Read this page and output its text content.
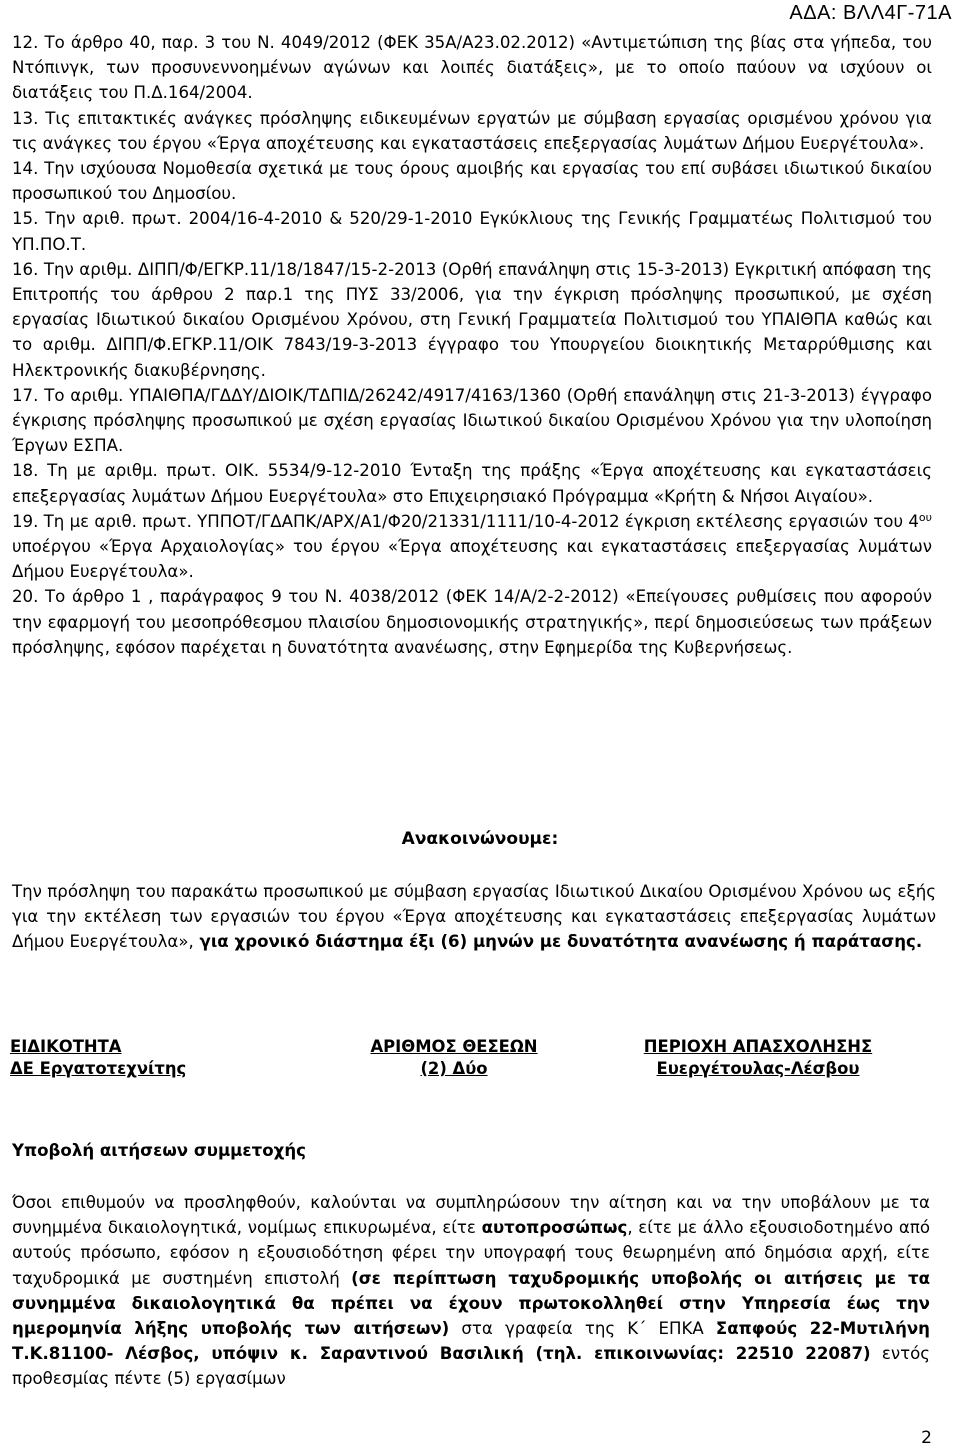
ΑΔΑ: ΒΛΛ4Γ-71Α

12. Το άρθρο 40, παρ. 3 του Ν. 4049/2012 (ΦΕΚ 35Α/Α23.02.2012) «Αντιμετώπιση της βίας στα γήπεδα, του Ντόπινγκ, των προσυνεννοημένων αγώνων και λοιπές διατάξεις», με το οποίο παύουν να ισχύουν οι διατάξεις του Π.Δ.164/2004.

13. Τις επιτακτικές ανάγκες πρόσληψης ειδικευμένων εργατών με σύμβαση εργασίας ορισμένου χρόνου για τις ανάγκες του έργου «Έργα αποχέτευσης και εγκαταστάσεις επεξεργασίας λυμάτων Δήμου Ευεργέτουλα».

14. Την ισχύουσα Νομοθεσία σχετικά με τους όρους αμοιβής και εργασίας του επί συβάσει ιδιωτικού δικαίου προσωπικού του Δημοσίου.

15. Την αριθ. πρωτ. 2004/16-4-2010 & 520/29-1-2010 Εγκύκλιους της Γενικής Γραμματέως Πολιτισμού του ΥΠ.ΠΟ.Τ.

16. Την αριθμ. ΔΙΠΠ/Φ/ΕΓΚΡ.11/18/1847/15-2-2013 (Ορθή επανάληψη στις 15-3-2013) Εγκριτική απόφαση της Επιτροπής του άρθρου 2 παρ.1 της ΠΥΣ 33/2006, για την έγκριση πρόσληψης προσωπικού, με σχέση εργασίας Ιδιωτικού δικαίου Ορισμένου Χρόνου, στη Γενική Γραμματεία Πολιτισμού του ΥΠΑΙΘΠΑ καθώς και το αριθμ. ΔΙΠΠ/Φ.ΕΓΚΡ.11/ΟΙΚ 7843/19-3-2013 έγγραφο του Υπουργείου διοικητικής Μεταρρύθμισης και Ηλεκτρονικής διακυβέρνησης.

17. Το αριθμ. ΥΠΑΙΘΠΑ/ΓΔΔΥ/ΔΙΟΙΚ/ΤΔΠΙΔ/26242/4917/4163/1360 (Ορθή επανάληψη στις 21-3-2013) έγγραφο έγκρισης πρόσληψης προσωπικού με σχέση εργασίας Ιδιωτικού δικαίου Ορισμένου Χρόνου για την υλοποίηση Έργων ΕΣΠΑ.

18. Τη με αριθμ. πρωτ. ΟΙΚ. 5534/9-12-2010 Ένταξη της πράξης «Έργα αποχέτευσης και εγκαταστάσεις επεξεργασίας λυμάτων Δήμου Ευεργέτουλα» στο Επιχειρησιακό Πρόγραμμα «Κρήτη & Νήσοι Αιγαίου».

19. Τη με αριθ. πρωτ. ΥΠΠΟΤ/ΓΔΑΠΚ/ΑΡΧ/Α1/Φ20/21331/1111/10-4-2012 έγκριση εκτέλεσης εργασιών του $4^{o\upsilon}$ υποέργου «Έργα Αρχαιολογίας» του έργου «Έργα αποχέτευσης και εγκαταστάσεις επεξεργασίας λυμάτων Δήμου Ευεργέτουλα».

20. Το άρθρο 1 , παράγραφος 9 του Ν. 4038/2012 (ΦΕΚ 14/Α/2-2-2012) «Επείγουσες ρυθμίσεις που αφορούν την εφαρμογή του μεσοπρόθεσμου πλαισίου δημοσιονομικής στρατηγικής», περί δημοσιεύσεως των πράξεων πρόσληψης, εφόσον παρέχεται η δυνατότητα ανανέωσης, στην Εφημερίδα της Κυβερνήσεως.

Ανακοινώνουμε:
Την πρόσληψη του παρακάτω προσωπικού με σύμβαση εργασίας Ιδιωτικού Δικαίου Ορισμένου Χρόνου ως εξής για την εκτέλεση των εργασιών του έργου «Έργα αποχέτευσης και εγκαταστάσεις επεξεργασίας λυμάτων Δήμου Ευεργέτουλα», για χρονικό διάστημα έξι (6) μηνών με δυνατότητα ανανέωσης ή παράτασης.
ΕΙΔΙΚΟΤΗΤΑ	ΑΡΙΘΜΟΣ ΘΕΣΕΩΝ	ΠΕΡΙΟΧΗ ΑΠΑΣΧΟΛΗΣΗΣ
ΔΕ Εργατοτεχνίτης	(2) Δύο	Ευεργέτουλας-Λέσβου
Υποβολή αιτήσεων συμμετοχής
Όσοι επιθυμούν να προσληφθούν, καλούνται να συμπληρώσουν την αίτηση και να την υποβάλουν με τα συνημμένα δικαιολογητικά, νομίμως επικυρωμένα, είτε αυτοπροσώπως, είτε με άλλο εξουσιοδοτημένο από αυτούς πρόσωπο, εφόσον η εξουσιοδότηση φέρει την υπογραφή τους θεωρημένη από δημόσια αρχή, είτε ταχυδρομικά με συστημένη επιστολή (σε περίπτωση ταχυδρομικής υποβολής οι αιτήσεις με τα συνημμένα δικαιολογητικά θα πρέπει να έχουν πρωτοκολληθεί στην Υπηρεσία έως την ημερομηνία λήξης υποβολής των αιτήσεων) στα γραφεία της Κ΄ ΕΠΚΑ Σαπφούς 22-Μυτιλήνη Τ.Κ.81100- Λέσβος, υπόψιν κ. Σαραντινού Βασιλική (τηλ. επικοινωνίας: 22510 22087) εντός προθεσμίας πέντε (5) εργασίμων
2
